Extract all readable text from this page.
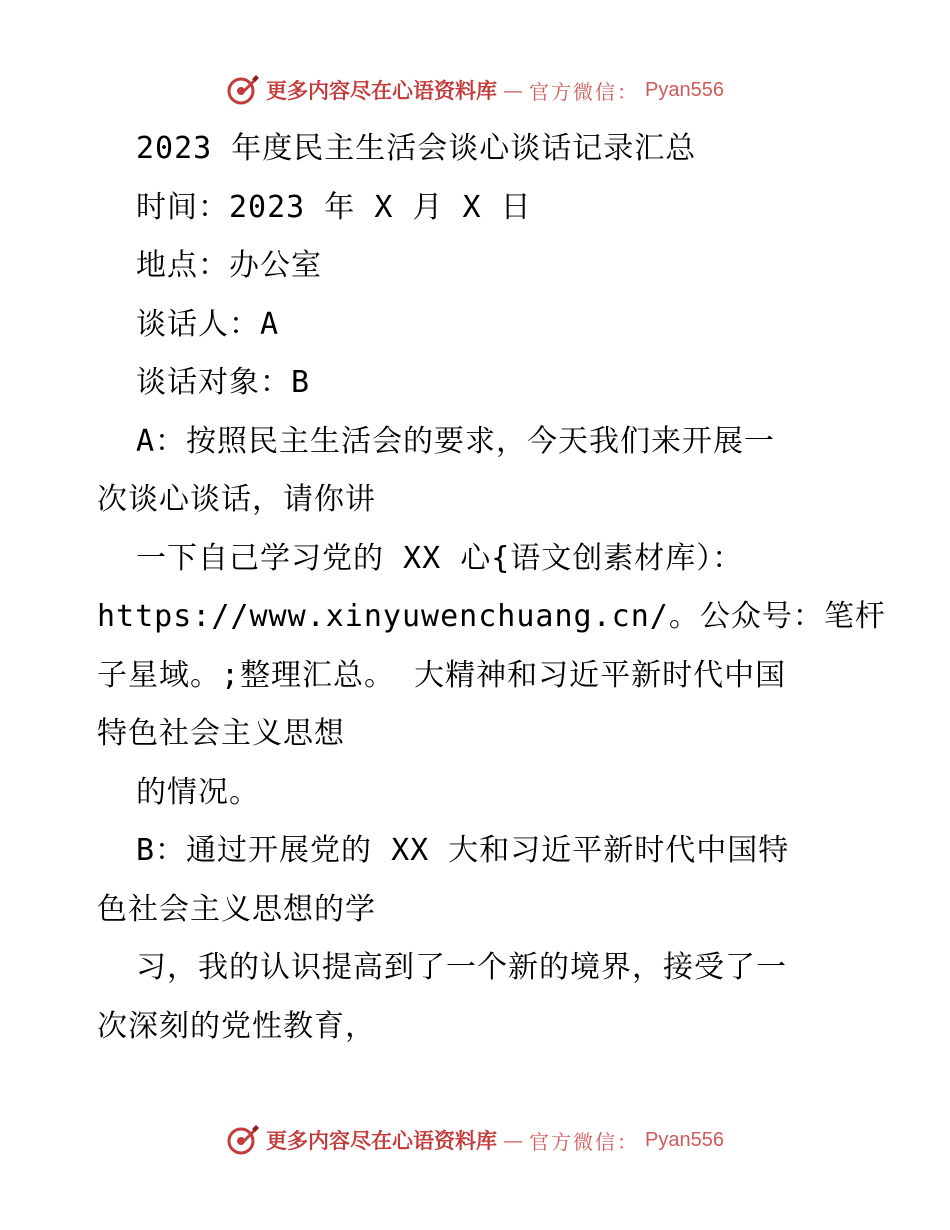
更多内容尽在心语资料库 — 官方微信： Pyan556
2023 年度民主生活会谈心谈话记录汇总
时间：2023 年 X 月 X 日
地点：办公室
谈话人：A
谈话对象：B
A：按照民主生活会的要求，今天我们来开展一
次谈心谈话，请你讲
一下自己学习党的 XX 心{语文创素材库）：
https://www.xinyuwenchuang.cn/。公众号：笔杆
子星域。;整理汇总。 大精神和习近平新时代中国
特色社会主义思想
的情况。
B：通过开展党的 XX 大和习近平新时代中国特
色社会主义思想的学
习，我的认识提高到了一个新的境界，接受了一
次深刻的党性教育，
更多内容尽在心语资料库 — 官方微信： Pyan556
